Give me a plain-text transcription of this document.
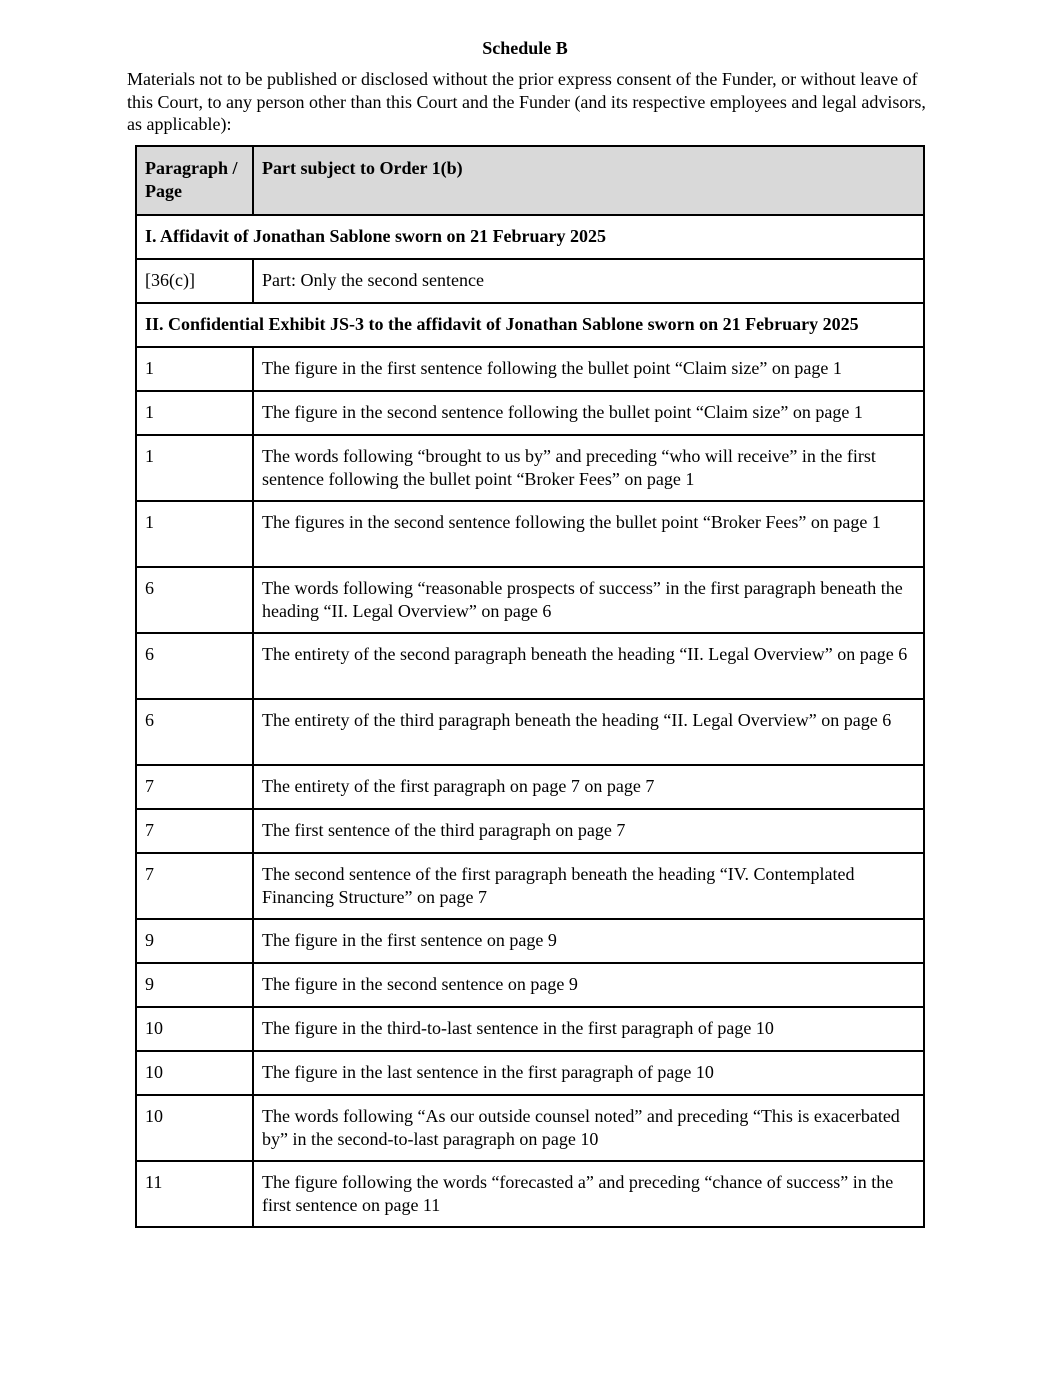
Schedule B
Materials not to be published or disclosed without the prior express consent of the Funder, or without leave of this Court, to any person other than this Court and the Funder (and its respective employees and legal advisors, as applicable):
Paragraph / Page	Part subject to Order 1(b)
I. Affidavit of Jonathan Sablone sworn on 21 February 2025	
[36(c)]	Part: Only the second sentence
II. Confidential Exhibit JS-3 to the affidavit of Jonathan Sablone sworn on 21 February 2025	
1	The figure in the first sentence following the bullet point “Claim size” on page 1
1	The figure in the second sentence following the bullet point “Claim size” on page 1
1	The words following “brought to us by” and preceding “who will receive” in the first sentence following the bullet point “Broker Fees” on page 1
1	The figures in the second sentence following the bullet point “Broker Fees” on page 1
6	The words following “reasonable prospects of success” in the first paragraph beneath the heading “II. Legal Overview” on page 6
6	The entirety of the second paragraph beneath the heading “II. Legal Overview” on page 6
6	The entirety of the third paragraph beneath the heading “II. Legal Overview” on page 6
7	The entirety of the first paragraph on page 7 on page 7
7	The first sentence of the third paragraph on page 7
7	The second sentence of the first paragraph beneath the heading “IV. Contemplated Financing Structure” on page 7
9	The figure in the first sentence on page 9
9	The figure in the second sentence on page 9
10	The figure in the third-to-last sentence in the first paragraph of page 10
10	The figure in the last sentence in the first paragraph of page 10
10	The words following “As our outside counsel noted” and preceding “This is exacerbated by” in the second-to-last paragraph on page 10
11	The figure following the words “forecasted a” and preceding “chance of success” in the first sentence on page 11
